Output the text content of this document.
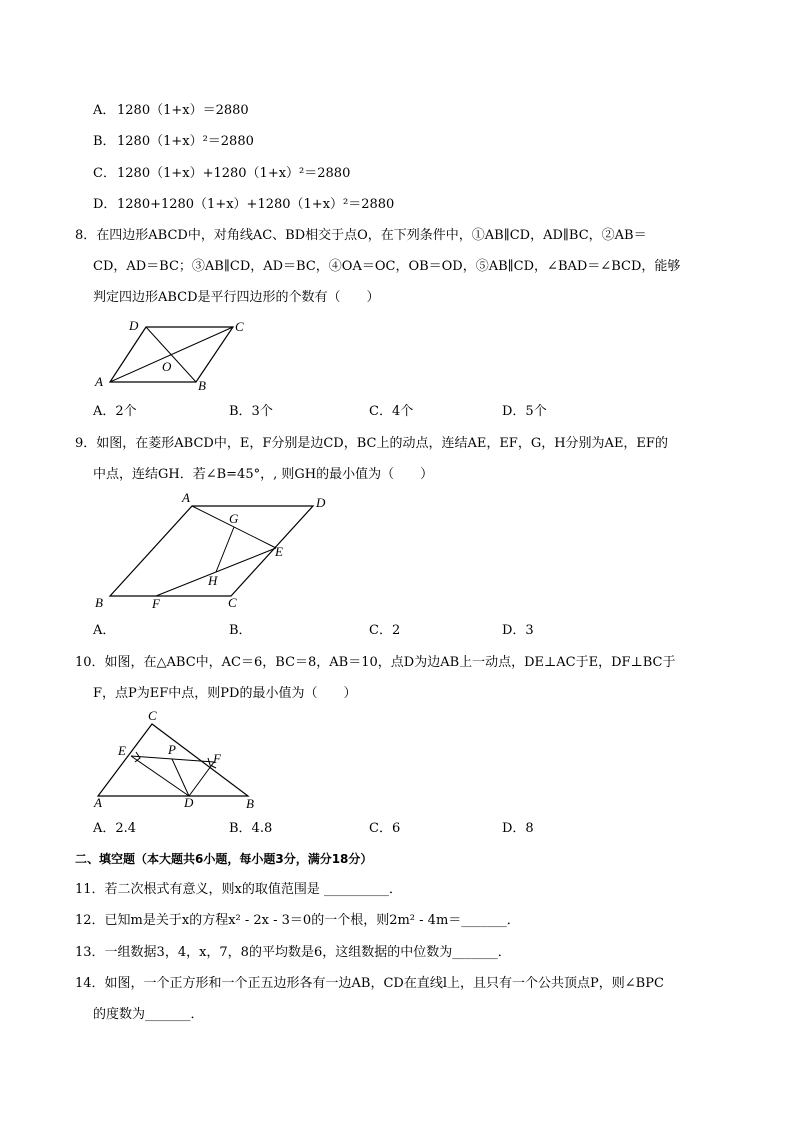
A． 1280（1+x）＝2880
B． 1280（1+x）²＝2880
C． 1280（1+x）+1280（1+x）²＝2880
D． 1280+1280（1+x）+1280（1+x）²＝2880
8．在四边形ABCD中，对角线AC、BD相交于点O，在下列条件中，①AB∥CD，AD∥BC，②AB＝
CD，AD＝BC；③AB∥CD，AD＝BC，④OA＝OC，OB＝OD，⑤AB∥CD，∠BAD＝∠BCD，能够
判定四边形ABCD是平行四边形的个数有（　　）
A	B
C
D
O
A．2个	B．3个	C．4个	D．5个
9．如图，在菱形ABCD中，E，F分别是边CD，BC上的动点，连结AE，EF，G，H分别为AE，EF的
中点，连结GH．若∠B=45°，, 则GH的最小值为（　　）
A
B	C
D
E
F
G
H
A．	B．	C．2	D．3
10．如图，在△ABC中，AC＝6，BC＝8，AB＝10，点D为边AB上一动点，DE⊥AC于E，DF⊥BC于
F，点P为EF中点，则PD的最小值为（　　）
A	B
C
D
E
F
P
A．2.4	B．4.8	C．6	D．8
二、填空题（本大题共6小题，每小题3分，满分18分）
11．若二次根式有意义，则x的取值范围是 __________．
12．已知m是关于x的方程x² - 2x - 3＝0的一个根，则2m² - 4m＝_______．
13．一组数据3，4，x，7，8的平均数是6，这组数据的中位数为_______．
14．如图，一个正方形和一个正五边形各有一边AB，CD在直线l上，且只有一个公共顶点P，则∠BPC
的度数为_______．
